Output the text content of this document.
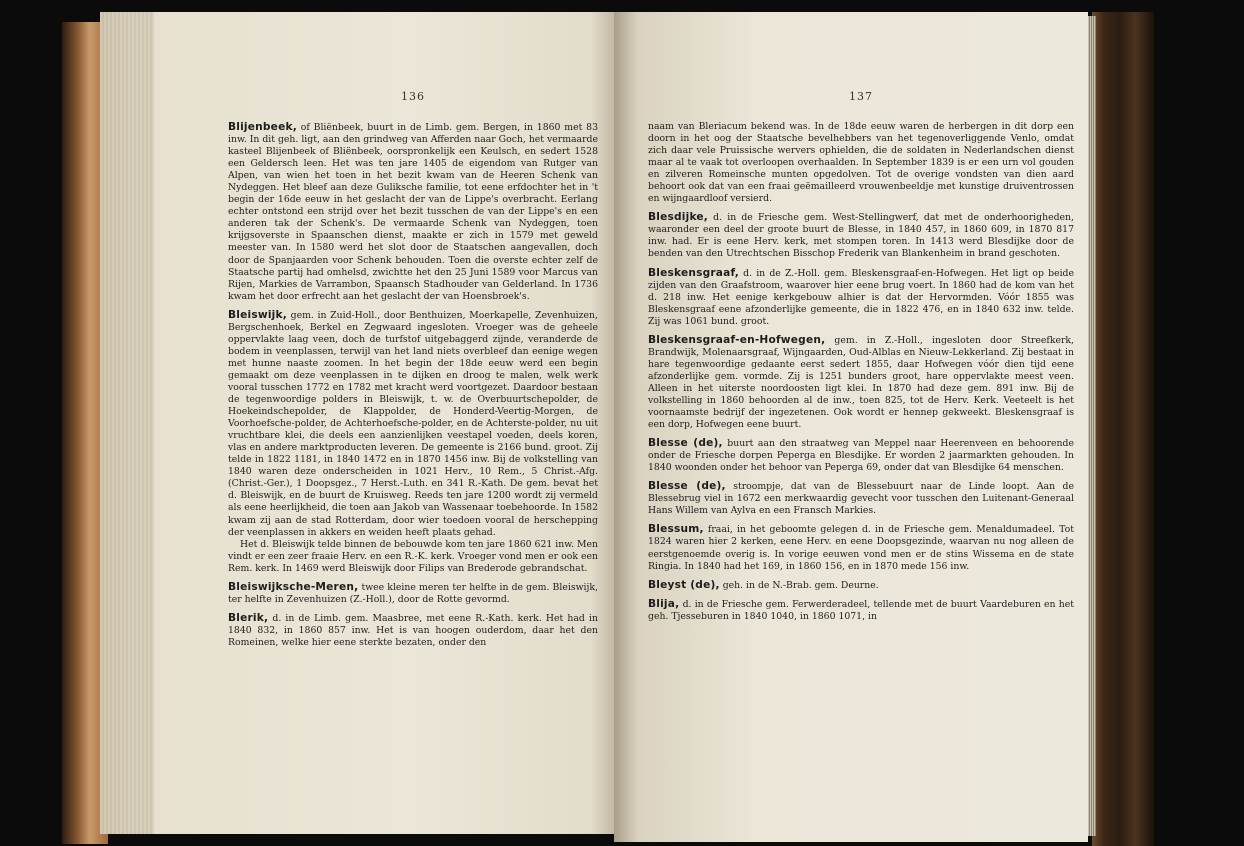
136

Blijenbeek, of Bliënbeek, buurt in de Limb. gem. Bergen, in 1860 met 83 inw. In dit geh. ligt, aan den grindweg van Afferden naar Goch, het vermaarde kasteel Blijenbeek of Bliënbeek, oorspronkelijk een Keulsch, en sedert 1528 een Geldersch leen. Het was ten jare 1405 de eigendom van Rutger van Alpen, van wien het toen in het bezit kwam van de Heeren Schenk van Nydeggen. Het bleef aan deze Guliksche familie, tot eene erfdochter het in 't begin der 16de eeuw in het geslacht der van de Lippe's overbracht. Eerlang echter ontstond een strijd over het bezit tusschen de van der Lippe's en een anderen tak der Schenk's. De vermaarde Schenk van Nydeggen, toen krijgsoverste in Spaanschen dienst, maakte er zich in 1579 met geweld meester van. In 1580 werd het slot door de Staatschen aangevallen, doch door de Spanjaarden voor Schenk behouden. Toen die overste echter zelf de Staatsche partij had omhelsd, zwichtte het den 25 Juni 1589 voor Marcus van Rijen, Markies de Varrambon, Spaansch Stadhouder van Gelderland. In 1736 kwam het door erfrecht aan het geslacht der van Hoensbroek's.

Bleiswijk, gem. in Zuid-Holl., door Benthuizen, Moerkapelle, Zevenhuizen, Bergschenhoek, Berkel en Zegwaard ingesloten. Vroeger was de geheele oppervlakte laag veen, doch de turfstof uitgebaggerd zijnde, veranderde de bodem in veenplassen, terwijl van het land niets overbleef dan eenige wegen met hunne naaste zoomen. In het begin der 18de eeuw werd een begin gemaakt om deze veenplassen in te dijken en droog te malen, welk werk vooral tusschen 1772 en 1782 met kracht werd voortgezet. Daardoor bestaan de tegenwoordige polders in Bleiswijk, t. w. de Overbuurtschepolder, de Hoekeindschepolder, de Klappolder, de Honderd-Veertig-Morgen, de Voorhoefsche-polder, de Achterhoefsche-polder, en de Achterste-polder, nu uit vruchtbare klei, die deels een aanzienlijken veestapel voeden, deels koren, vlas en andere marktproducten leveren. De gemeente is 2166 bund. groot. Zij telde in 1822 1181, in 1840 1472 en in 1870 1456 inw. Bij de volkstelling van 1840 waren deze onderscheiden in 1021 Herv., 10 Rem., 5 Christ.-Afg. (Christ.-Ger.), 1 Doopsgez., 7 Herst.-Luth. en 341 R.-Kath. De gem. bevat het d. Bleiswijk, en de buurt de Kruisweg. Reeds ten jare 1200 wordt zij vermeld als eene heerlijkheid, die toen aan Jakob van Wassenaar toebehoorde. In 1582 kwam zij aan de stad Rotterdam, door wier toedoen vooral de herschepping der veenplassen in akkers en weiden heeft plaats gehad.
Het d. Bleiswijk telde binnen de bebouwde kom ten jare 1860 621 inw. Men vindt er een zeer fraaie Herv. en een R.-K. kerk. Vroeger vond men er ook een Rem. kerk. In 1469 werd Bleiswijk door Filips van Brederode gebrandschat.

Bleiswijksche-Meren, twee kleine meren ter helfte in de gem. Bleiswijk, ter helfte in Zevenhuizen (Z.-Holl.), door de Rotte gevormd.

Blerik, d. in de Limb. gem. Maasbree, met eene R.-Kath. kerk. Het had in 1840 832, in 1860 857 inw. Het is van hoogen ouderdom, daar het den Romeinen, welke hier eene sterkte bezaten, onder den

137

naam van Bleriacum bekend was. In de 18de eeuw waren de herbergen in dit dorp een doorn in het oog der Staatsche bevelhebbers van het tegenoverliggende Venlo, omdat zich daar vele Pruissische wervers ophielden, die de soldaten in Nederlandschen dienst maar al te vaak tot overloopen overhaalden. In September 1839 is er een urn vol gouden en zilveren Romeinsche munten opgedolven. Tot de overige vondsten van dien aard behoort ook dat van een fraai geëmailleerd vrouwenbeeldje met kunstige druiventrossen en wijngaardloof versierd.

Blesdijke, d. in de Friesche gem. West-Stellingwerf, dat met de onderhoorigheden, waaronder een deel der groote buurt de Blesse, in 1840 457, in 1860 609, in 1870 817 inw. had. Er is eene Herv. kerk, met stompen toren. In 1413 werd Blesdijke door de benden van den Utrechtschen Bisschop Frederik van Blankenheim in brand geschoten.

Bleskensgraaf, d. in de Z.-Holl. gem. Bleskensgraaf-en-Hofwegen. Het ligt op beide zijden van den Graafstroom, waarover hier eene brug voert. In 1860 had de kom van het d. 218 inw. Het eenige kerkgebouw alhier is dat der Hervormden. Vóór 1855 was Bleskensgraaf eene afzonderlijke gemeente, die in 1822 476, en in 1840 632 inw. telde. Zij was 1061 bund. groot.

Bleskensgraaf-en-Hofwegen, gem. in Z.-Holl., ingesloten door Streefkerk, Brandwijk, Molenaarsgraaf, Wijngaarden, Oud-Alblas en Nieuw-Lekkerland. Zij bestaat in hare tegenwoordige gedaante eerst sedert 1855, daar Hofwegen vóór dien tijd eene afzonderlijke gem. vormde. Zij is 1251 bunders groot, hare oppervlakte meest veen. Alleen in het uiterste noordoosten ligt klei. In 1870 had deze gem. 891 inw. Bij de volkstelling in 1860 behoorden al de inw., toen 825, tot de Herv. Kerk. Veeteelt is het voornaamste bedrijf der ingezetenen. Ook wordt er hennep gekweekt. Bleskensgraaf is een dorp, Hofwegen eene buurt.

Blesse (de), buurt aan den straatweg van Meppel naar Heerenveen en behoorende onder de Friesche dorpen Peperga en Blesdijke. Er worden 2 jaarmarkten gehouden. In 1840 woonden onder het behoor van Peperga 69, onder dat van Blesdijke 64 menschen.

Blesse (de), stroompje, dat van de Blessebuurt naar de Linde loopt. Aan de Blessebrug viel in 1672 een merkwaardig gevecht voor tusschen den Luitenant-Generaal Hans Willem van Aylva en een Fransch Markies.

Blessum, fraai, in het geboomte gelegen d. in de Friesche gem. Menaldumadeel. Tot 1824 waren hier 2 kerken, eene Herv. en eene Doopsgezinde, waarvan nu nog alleen de eerstgenoemde overig is. In vorige eeuwen vond men er de stins Wissema en de state Ringia. In 1840 had het 169, in 1860 156, en in 1870 mede 156 inw.

Bleyst (de), geh. in de N.-Brab. gem. Deurne.

Blija, d. in de Friesche gem. Ferwerderadeel, tellende met de buurt Vaardeburen en het geh. Tjesseburen in 1840 1040, in 1860 1071, in
